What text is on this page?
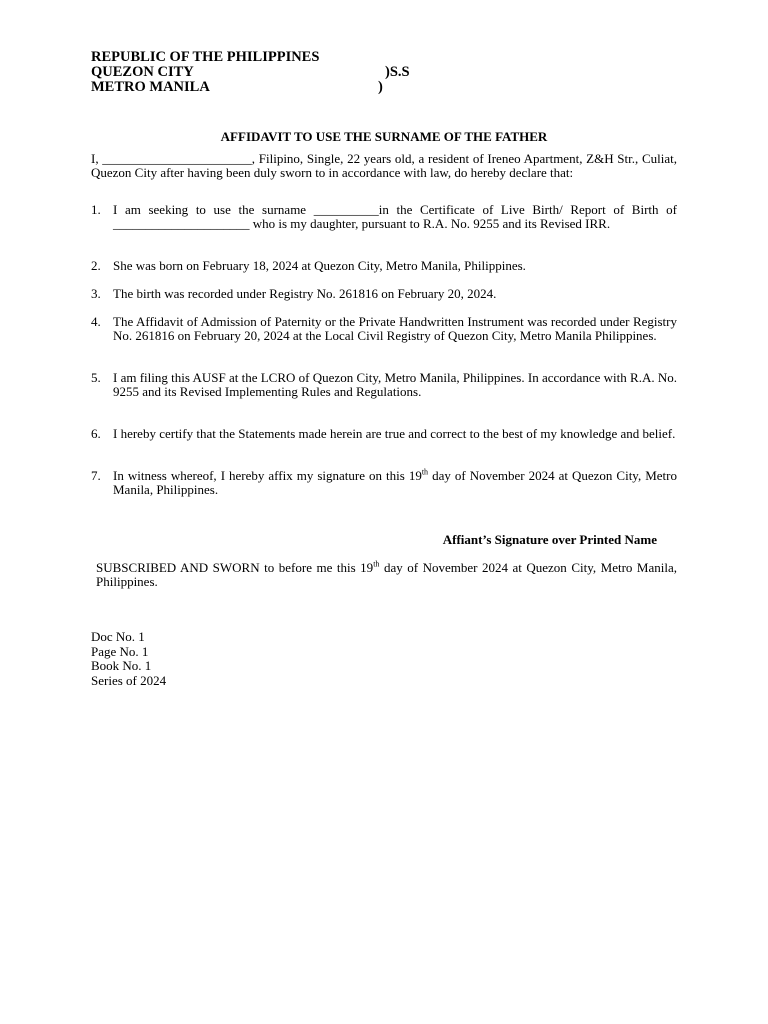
REPUBLIC OF THE PHILIPPINES
QUEZON CITY	)S.S
METRO MANILA	)
AFFIDAVIT TO USE THE SURNAME OF THE FATHER
I, _______________________, Filipino, Single, 22 years old, a resident of Ireneo Apartment, Z&H Str., Culiat, Quezon City after having been duly sworn to in accordance with law, do hereby declare that:
1. I am seeking to use the surname __________in the Certificate of Live Birth/ Report of Birth of _____________________ who is my daughter, pursuant to R.A. No. 9255 and its Revised IRR.
2. She was born on February 18, 2024 at Quezon City, Metro Manila, Philippines.
3. The birth was recorded under Registry No. 261816 on February 20, 2024.
4. The Affidavit of Admission of Paternity or the Private Handwritten Instrument was recorded under Registry No. 261816 on February 20, 2024 at the Local Civil Registry of Quezon City, Metro Manila Philippines.
5. I am filing this AUSF at the LCRO of Quezon City, Metro Manila, Philippines. In accordance with R.A. No. 9255 and its Revised Implementing Rules and Regulations.
6. I hereby certify that the Statements made herein are true and correct to the best of my knowledge and belief.
7. In witness whereof, I hereby affix my signature on this 19th day of November 2024 at Quezon City, Metro Manila, Philippines.
Affiant’s Signature over Printed Name
SUBSCRIBED AND SWORN to before me this 19th day of November 2024 at Quezon City, Metro Manila, Philippines.
Doc No. 1
Page No. 1
Book No. 1
Series of 2024
